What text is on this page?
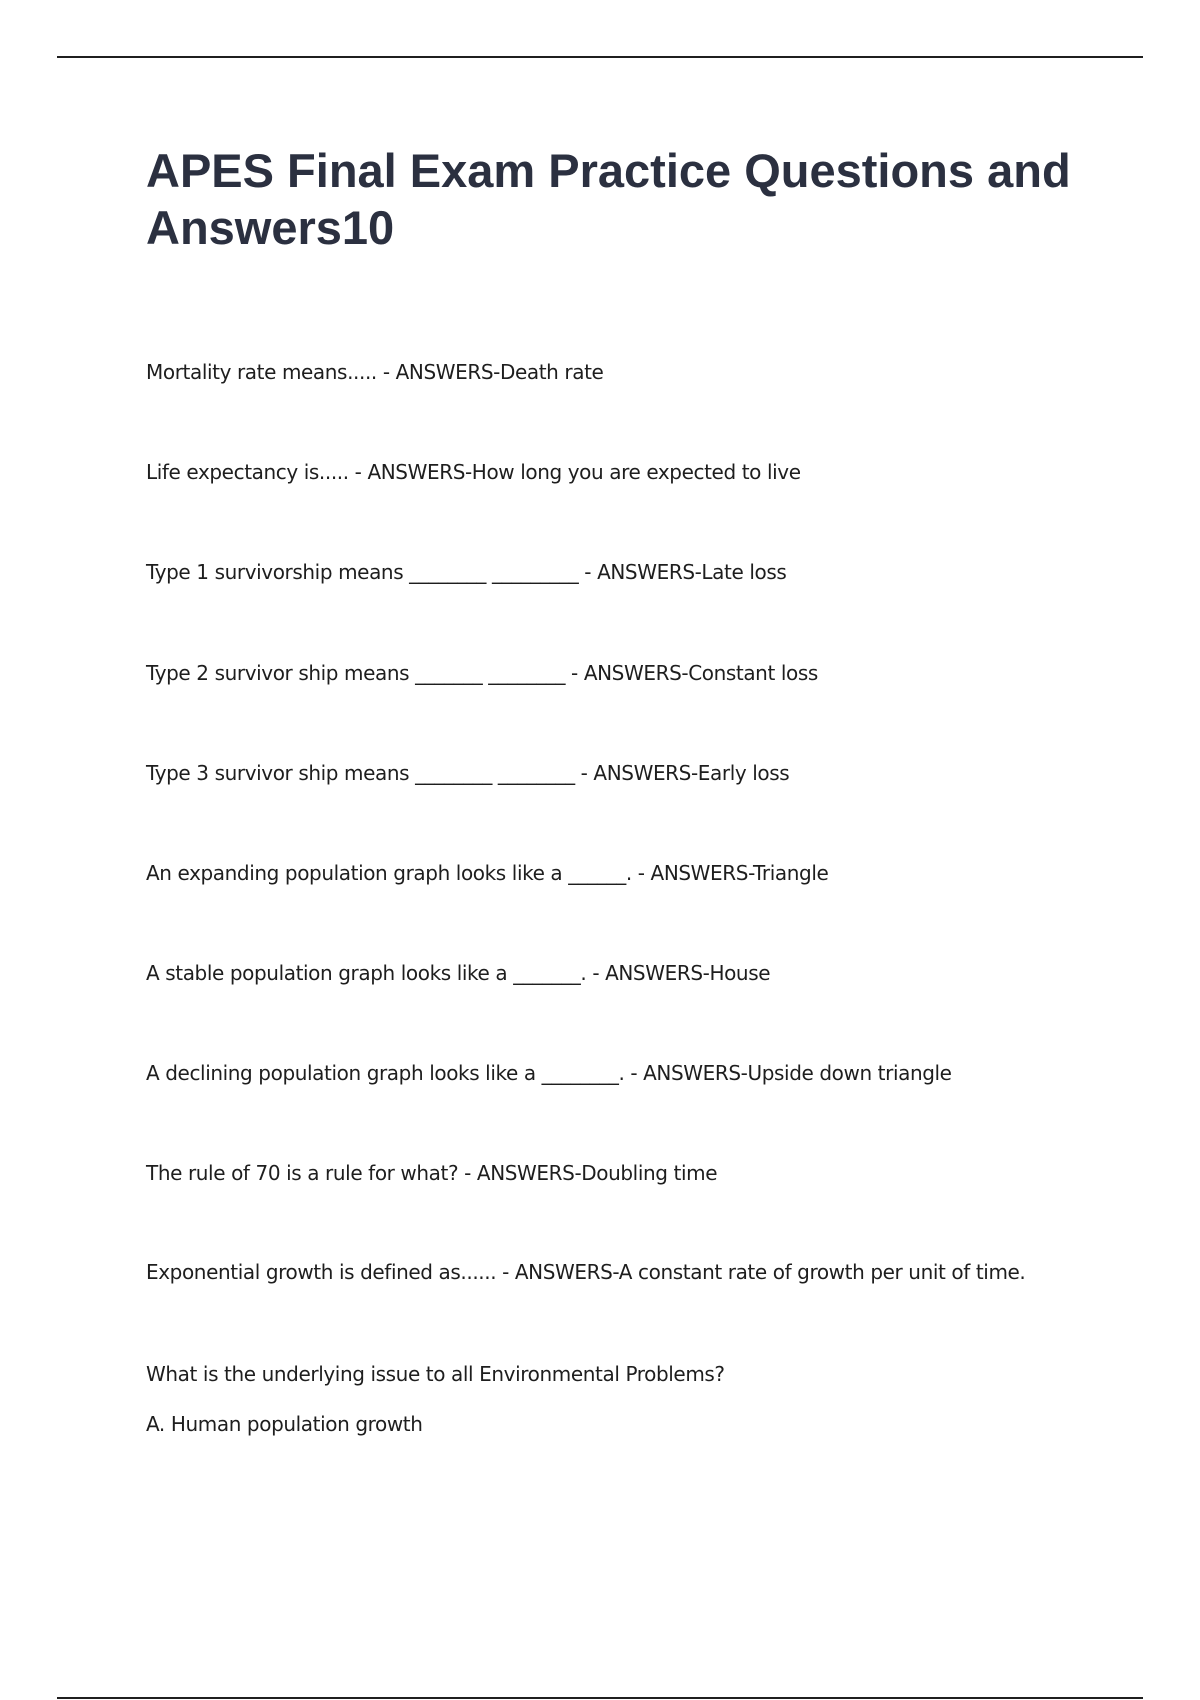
APES Final Exam Practice Questions and Answers10

Mortality rate means..... - ANSWERS-Death rate

Life expectancy is..... - ANSWERS-How long you are expected to live

Type 1 survivorship means ________ _________ - ANSWERS-Late loss

Type 2 survivor ship means _______ ________ - ANSWERS-Constant loss

Type 3 survivor ship means ________ ________ - ANSWERS-Early loss

An expanding population graph looks like a ______. - ANSWERS-Triangle

A stable population graph looks like a _______. - ANSWERS-House

A declining population graph looks like a ________. - ANSWERS-Upside down triangle

The rule of 70 is a rule for what? - ANSWERS-Doubling time

Exponential growth is defined as...... - ANSWERS-A constant rate of growth per unit of time.

What is the underlying issue to all Environmental Problems?

A. Human population growth
